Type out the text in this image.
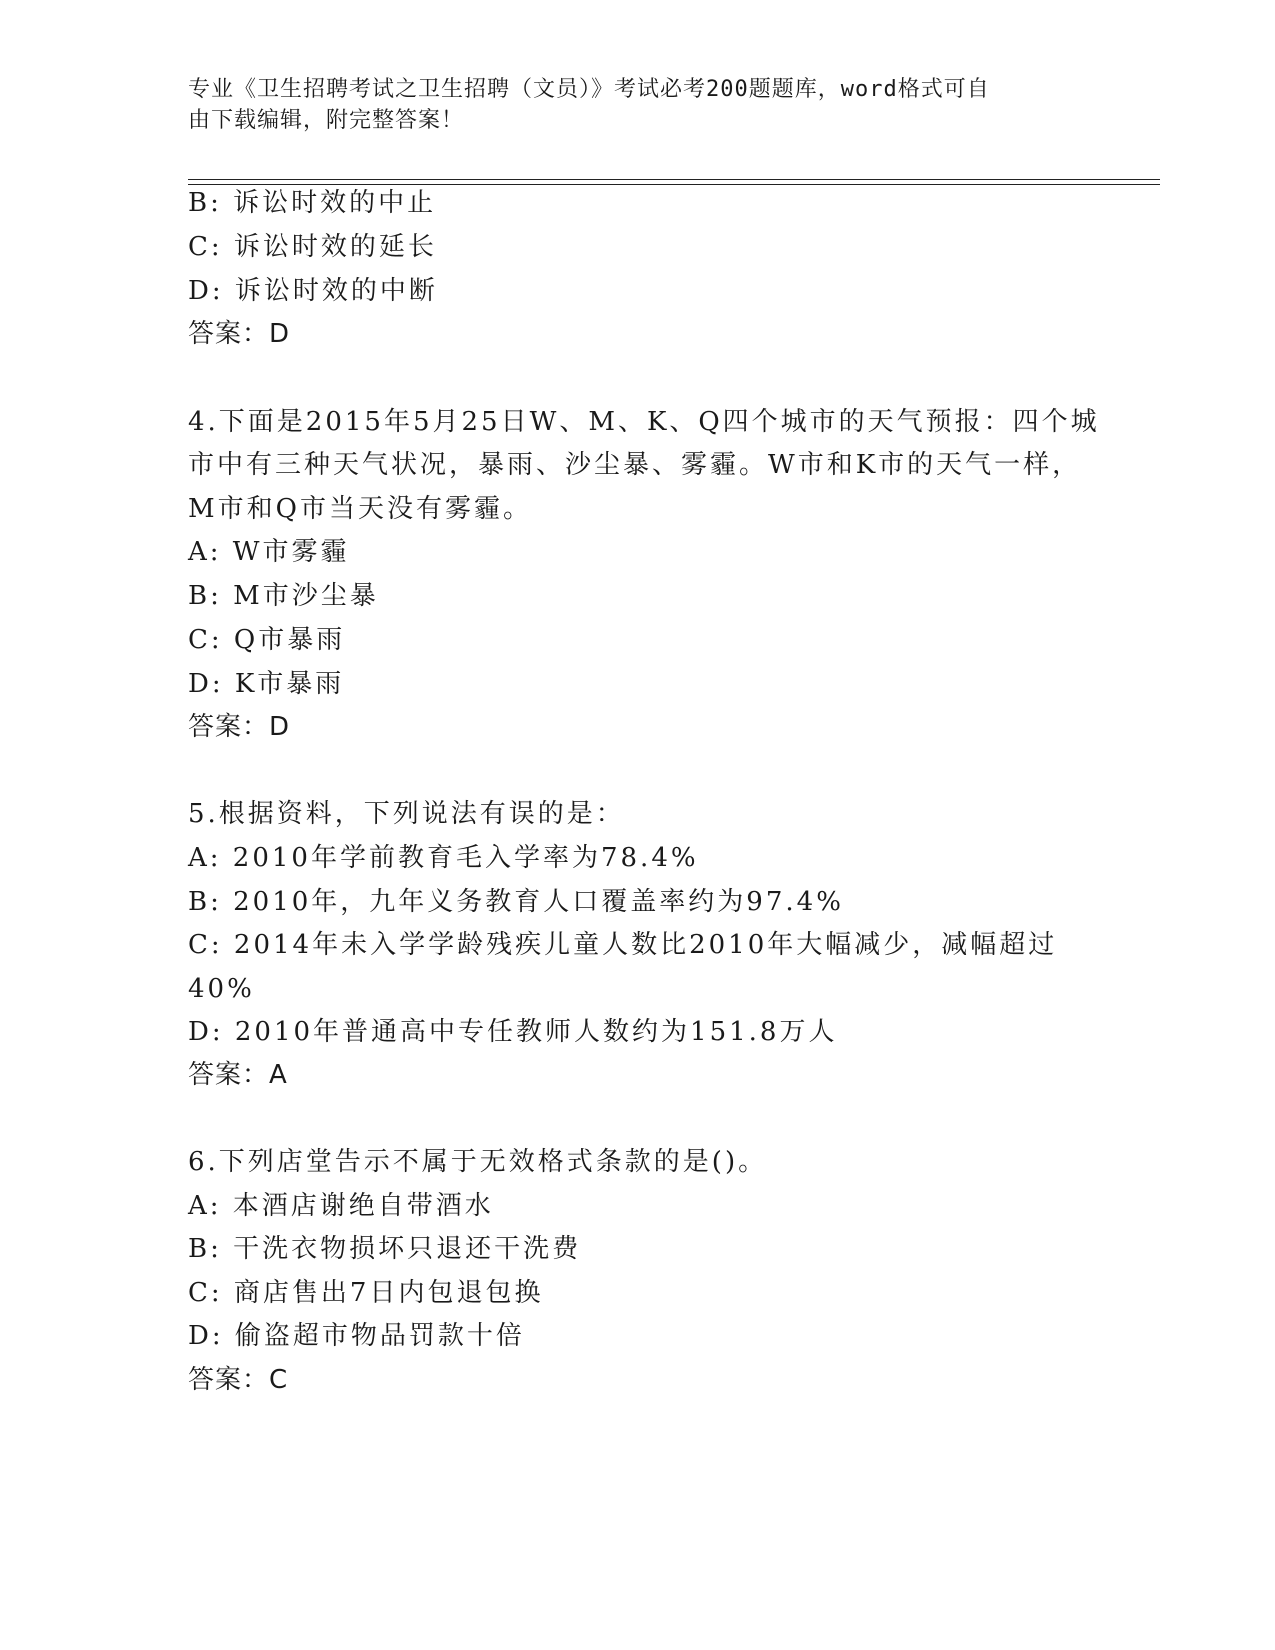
专业《卫生招聘考试之卫生招聘（文员）》考试必考200题题库，word格式可自
由下载编辑，附完整答案！
B: 诉讼时效的中止
C: 诉讼时效的延长
D: 诉讼时效的中断
答案：D
4.下面是2015年5月25日W、M、K、Q四个城市的天气预报：四个城
市中有三种天气状况，暴雨、沙尘暴、雾霾。W市和K市的天气一样，
M市和Q市当天没有雾霾。
A: W市雾霾
B: M市沙尘暴
C: Q市暴雨
D: K市暴雨
答案：D
5.根据资料，下列说法有误的是：
A: 2010年学前教育毛入学率为78.4%
B: 2010年，九年义务教育人口覆盖率约为97.4%
C: 2014年未入学学龄残疾儿童人数比2010年大幅减少，减幅超过
40%
D: 2010年普通高中专任教师人数约为151.8万人
答案：A
6.下列店堂告示不属于无效格式条款的是()。
A: 本酒店谢绝自带酒水
B: 干洗衣物损坏只退还干洗费
C: 商店售出7日内包退包换
D: 偷盗超市物品罚款十倍
答案：C
